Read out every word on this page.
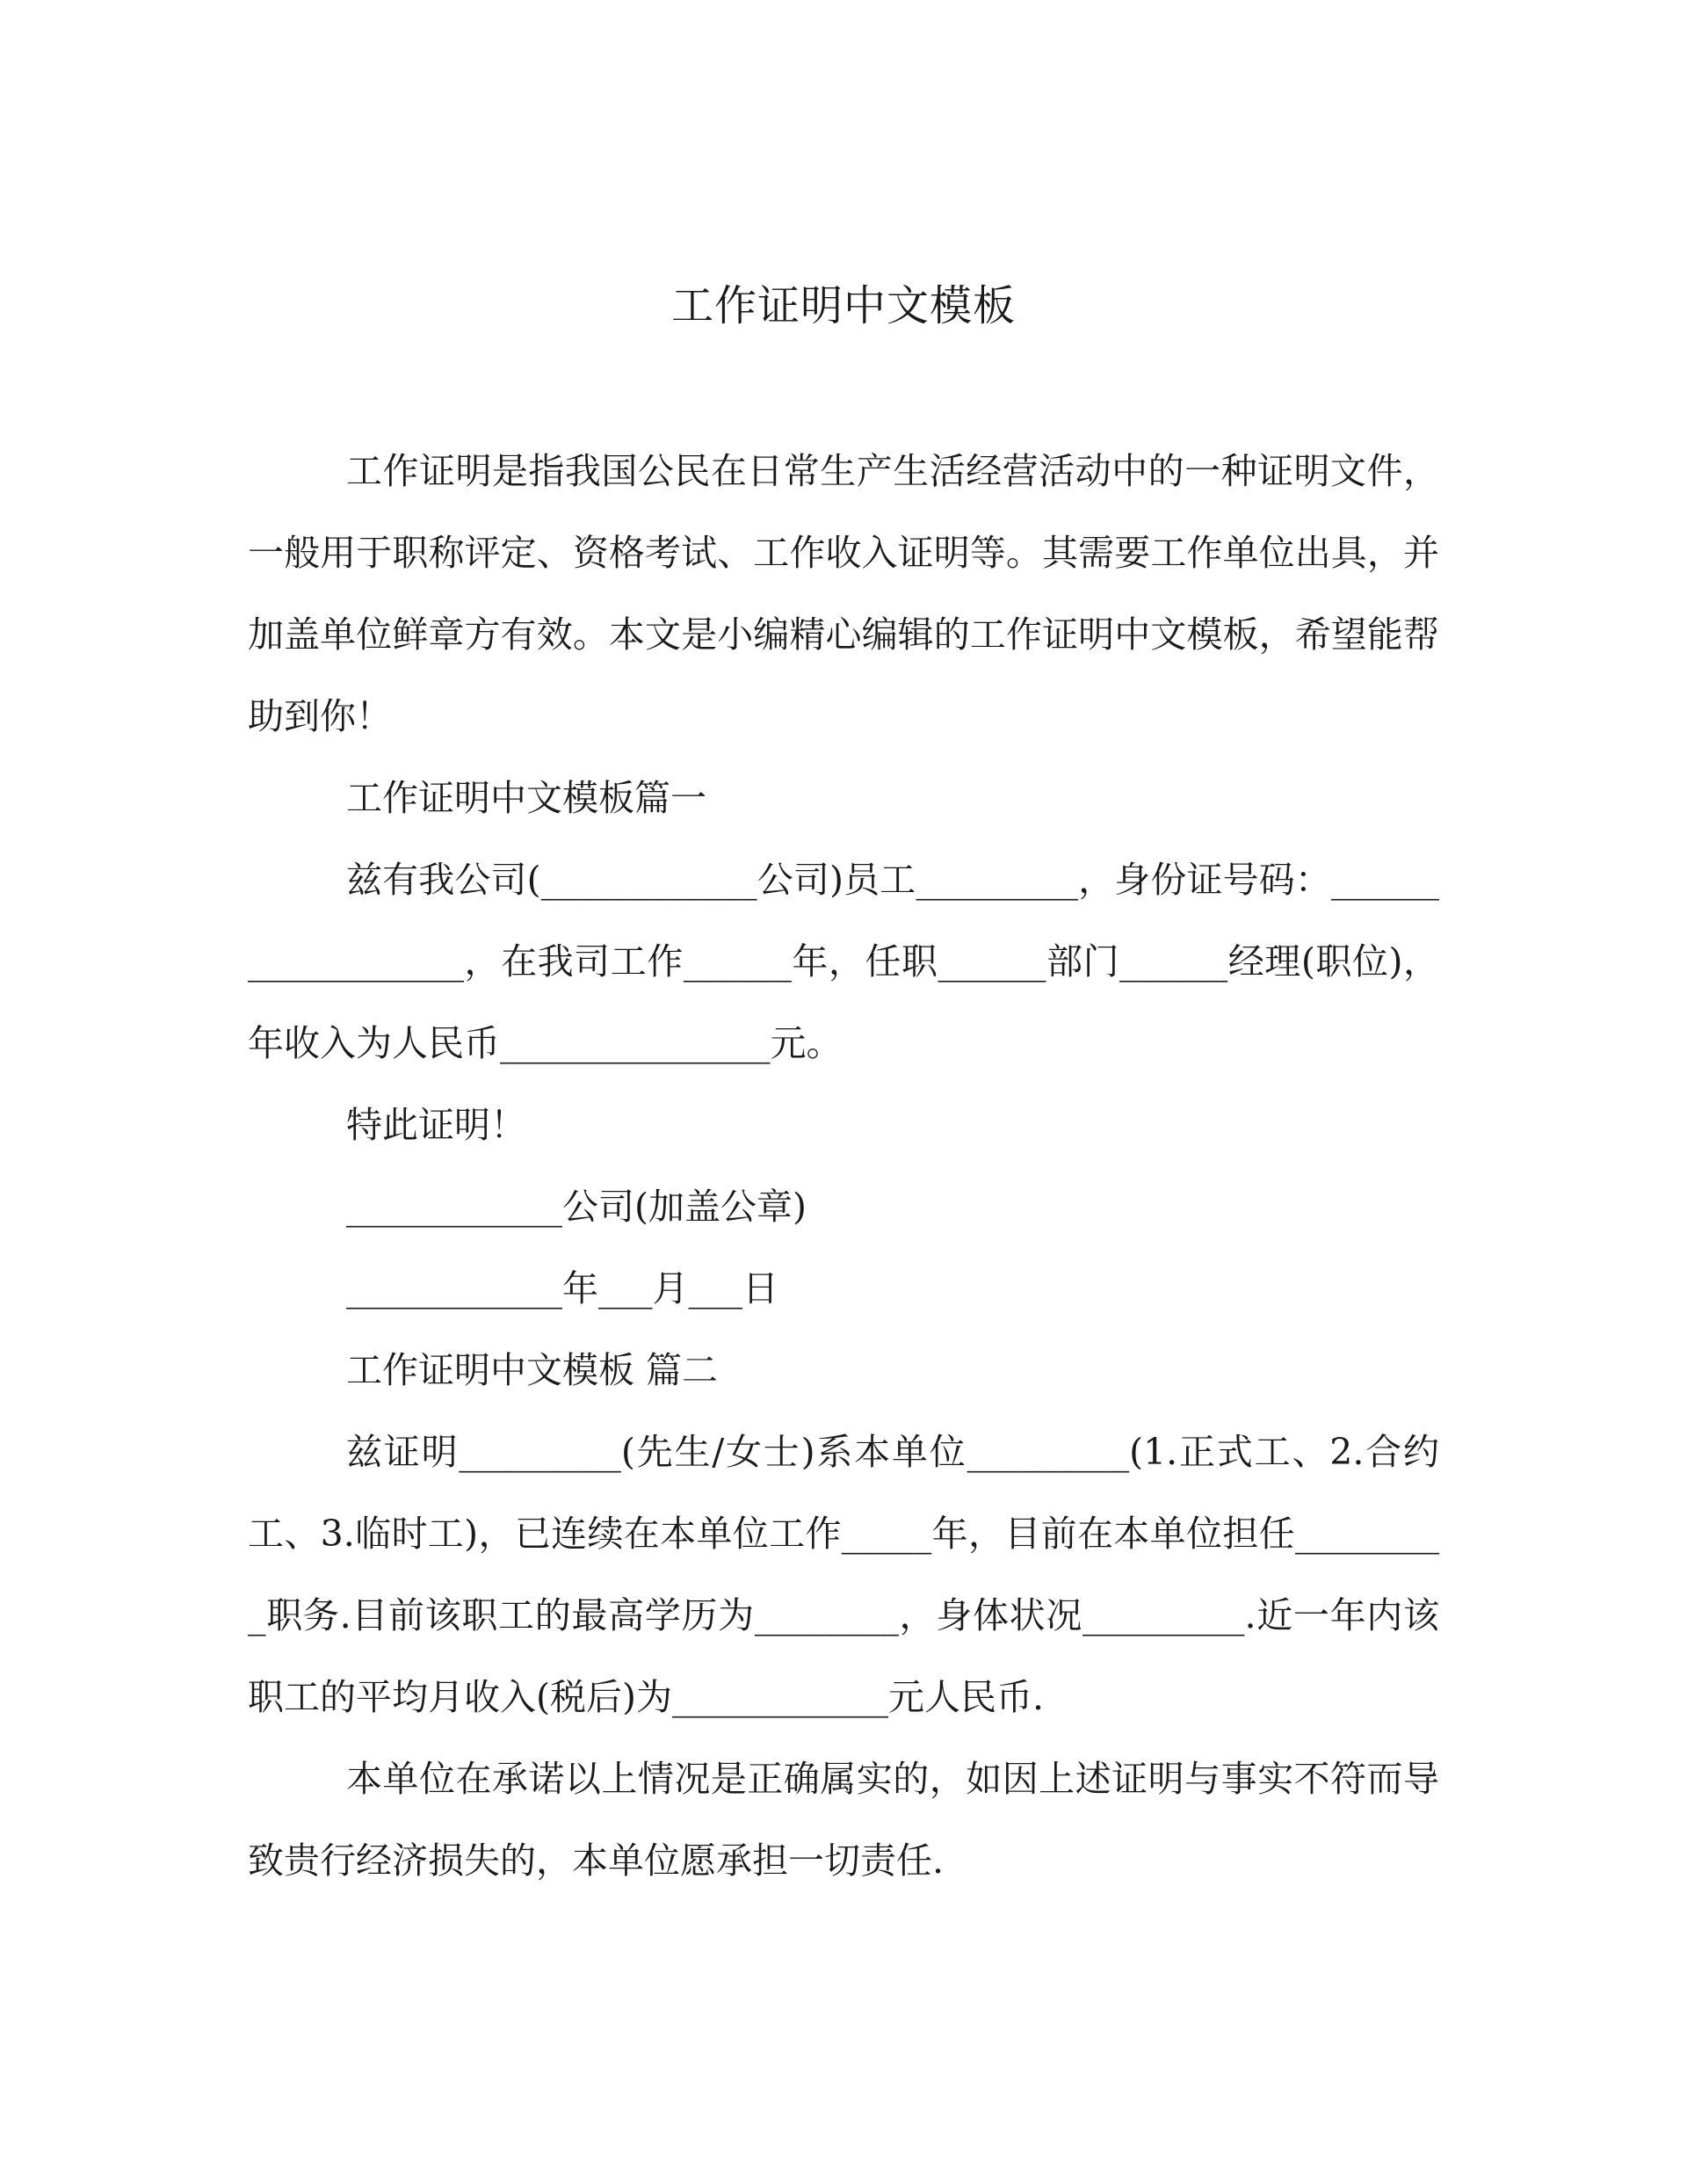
工作证明中文模板

工作证明是指我国公民在日常生产生活经营活动中的一种证明文件，一般用于职称评定、资格考试、工作收入证明等。其需要工作单位出具，并加盖单位鲜章方有效。本文是小编精心编辑的工作证明中文模板，希望能帮助到你！

工作证明中文模板篇一

兹有我公司(____________公司)员工_________，身份证号码：__________________，在我司工作______年，任职______部门______经理(职位)，年收入为人民币_______________元。

特此证明！

____________公司(加盖公章)

____________年___月___日

工作证明中文模板 篇二

兹证明_________(先生/女士)系本单位_________(1.正式工、2.合约工、3.临时工)，已连续在本单位工作_____年，目前在本单位担任_________职务.目前该职工的最高学历为________，身体状况_________.近一年内该职工的平均月收入(税后)为____________元人民币.

本单位在承诺以上情况是正确属实的，如因上述证明与事实不符而导致贵行经济损失的，本单位愿承担一切责任.
